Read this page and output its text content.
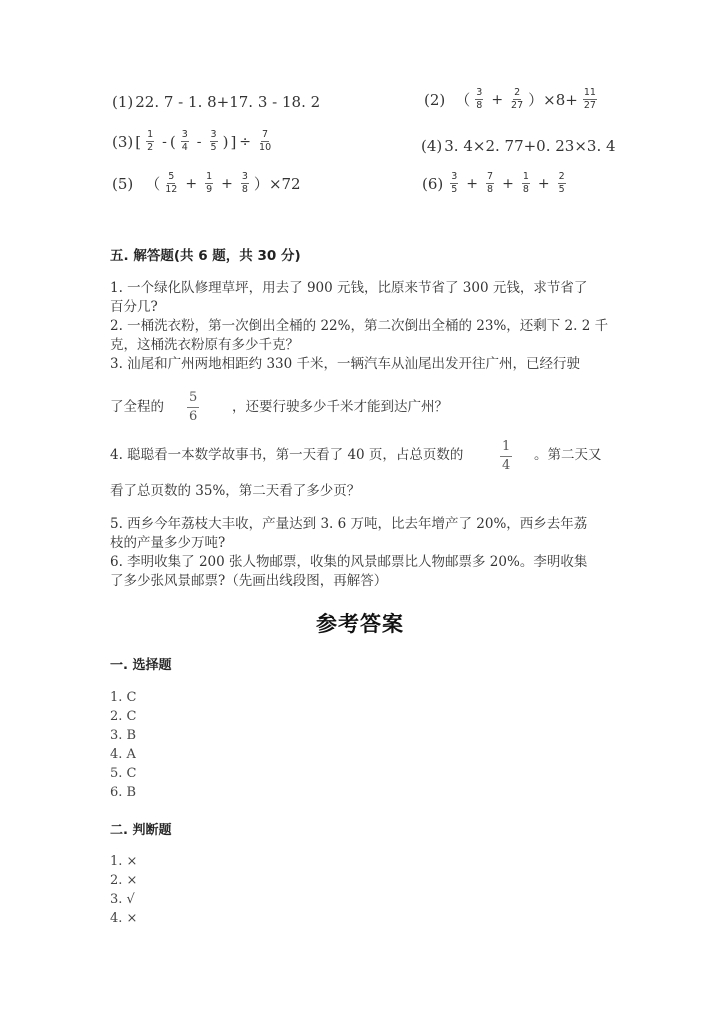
(1) 22. 7 - 1. 8+17. 3 - 18. 2	(2) （ $\frac{3}{8} + \frac{2}{27}$ ） $\times 8+ \frac{11}{27}$
(3) [ $\frac{1}{2}$ - ( $\frac{3}{4} - \frac{3}{5}$ ) ] ÷ $\frac{7}{10}$	(4) 3. 4×2. 77+0. 23×3. 4
(5) （ $\frac{5}{12} + \frac{1}{9} + \frac{3}{8}$ ） ×72	$(6) \frac{3}{5} + \frac{7}{8} + \frac{1}{8} + \frac{2}{5}$
五. 解答题(共 6 题，共 30 分)
1. 一个绿化队修理草坪，用去了 900 元钱，比原来节省了 300 元钱，求节省了
百分几?
2. 一桶洗衣粉，第一次倒出全桶的 22%，第二次倒出全桶的 23%，还剩下 2. 2 千
克，这桶洗衣粉原有多少千克？
3. 汕尾和广州两地相距约 330 千米，一辆汽车从汕尾出发开往广州，已经行驶
了全程的 $\frac{5}{6}$ ，还要行驶多少千米才能到达广州？
4. 聪聪看一本数学故事书，第一天看了 40 页，占总页数的	$\frac{1}{4}$ 。第二天又
看了总页数的 35%，第二天看了多少页？
5. 西乡今年荔枝大丰收，产量达到 3. 6 万吨，比去年增产了 20%，西乡去年荔
枝的产量多少万吨?
6. 李明收集了 200 张人物邮票，收集的风景邮票比人物邮票多 20%。李明收集
了多少张风景邮票?（先画出线段图，再解答）
参考答案
一. 选择题
1. C
2. C
3. B
4. A
5. C
6. B
二. 判断题
1. ×
2. ×
3. √
4. ×
